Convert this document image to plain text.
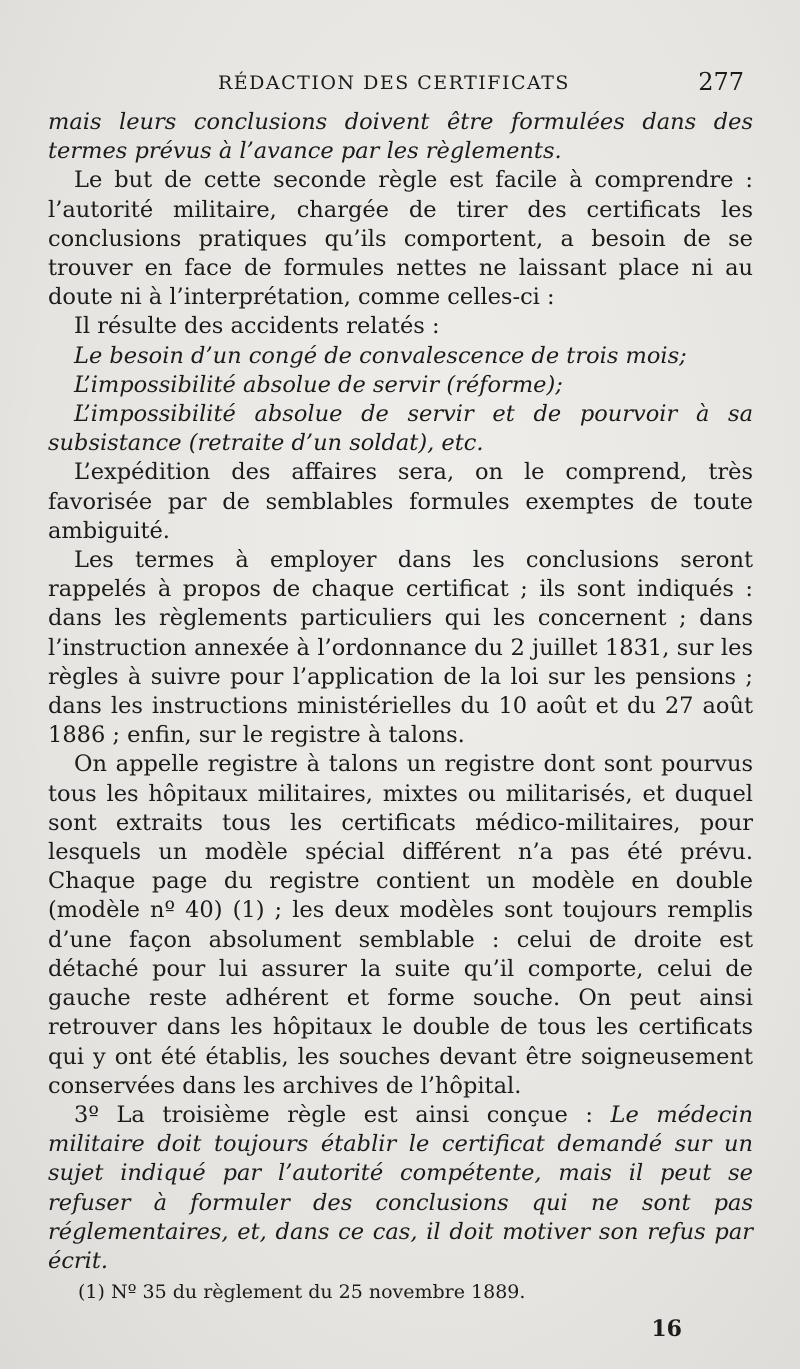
RÉDACTION DES CERTIFICATS	277

mais leurs conclusions doivent être formulées dans des termes prévus à l’avance par les règlements.

Le but de cette seconde règle est facile à comprendre : l’autorité militaire, chargée de tirer des certificats les conclusions pratiques qu’ils comportent, a besoin de se trouver en face de formules nettes ne laissant place ni au doute ni à l’interprétation, comme celles-ci :

Il résulte des accidents relatés :

Le besoin d’un congé de convalescence de trois mois;

L’impossibilité absolue de servir (réforme);

L’impossibilité absolue de servir et de pourvoir à sa subsistance (retraite d’un soldat), etc.

L’expédition des affaires sera, on le comprend, très favorisée par de semblables formules exemptes de toute ambiguité.

Les termes à employer dans les conclusions seront rappelés à propos de chaque certificat ; ils sont indiqués : dans les règlements particuliers qui les concernent ; dans l’instruction annexée à l’ordonnance du 2 juillet 1831, sur les règles à suivre pour l’application de la loi sur les pensions ; dans les instructions ministérielles du 10 août et du 27 août 1886 ; enfin, sur le registre à talons.

On appelle registre à talons un registre dont sont pourvus tous les hôpitaux militaires, mixtes ou militarisés, et duquel sont extraits tous les certificats médico-militaires, pour lesquels un modèle spécial différent n’a pas été prévu. Chaque page du registre contient un modèle en double (modèle nº 40) (1) ; les deux modèles sont toujours remplis d’une façon absolument semblable : celui de droite est détaché pour lui assurer la suite qu’il comporte, celui de gauche reste adhérent et forme souche. On peut ainsi retrouver dans les hôpitaux le double de tous les certificats qui y ont été établis, les souches devant être soigneusement conservées dans les archives de l’hôpital.

3º La troisième règle est ainsi conçue : Le médecin militaire doit toujours établir le certificat demandé sur un sujet indiqué par l’autorité compétente, mais il peut se refuser à formuler des conclusions qui ne sont pas réglementaires, et, dans ce cas, il doit motiver son refus par écrit.

(1) Nº 35 du règlement du 25 novembre 1889.
16
